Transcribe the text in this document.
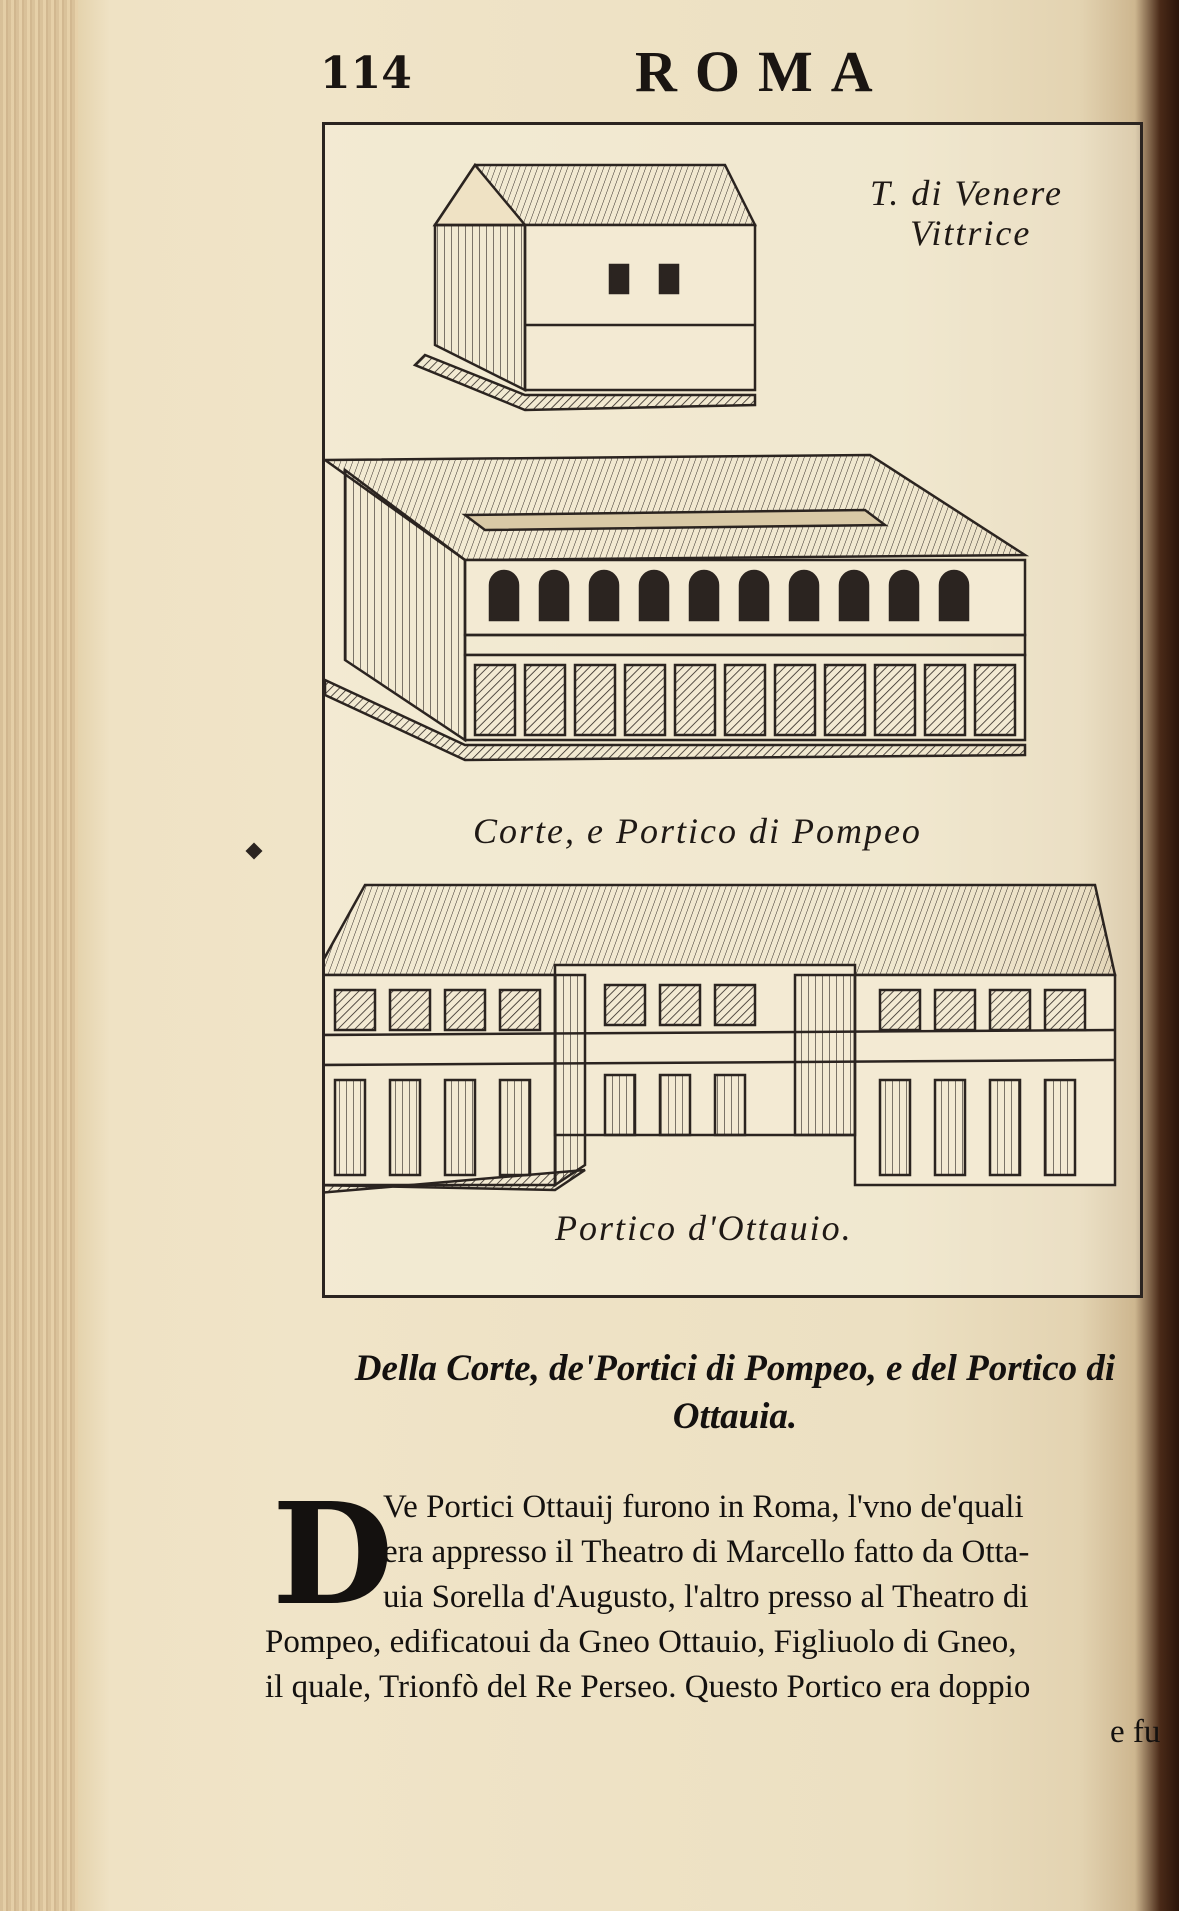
114	ROMA
T. di Venere
Vittrice
Corte, e Portico di Pompeo
Portico d'Ottauio.
Della Corte, de'Portici di Pompeo, e del Portico di
Ottauia.
D
Ve Portici Ottauij furono in Roma, l'vno de'quali
era appresso il Theatro di Marcello fatto da Otta-
uia Sorella d'Augusto, l'altro presso al Theatro di
Pompeo, edificatoui da Gneo Ottauio, Figliuolo di Gneo,
il quale, Trionfò del Re Perseo. Questo Portico era doppio
e fu
